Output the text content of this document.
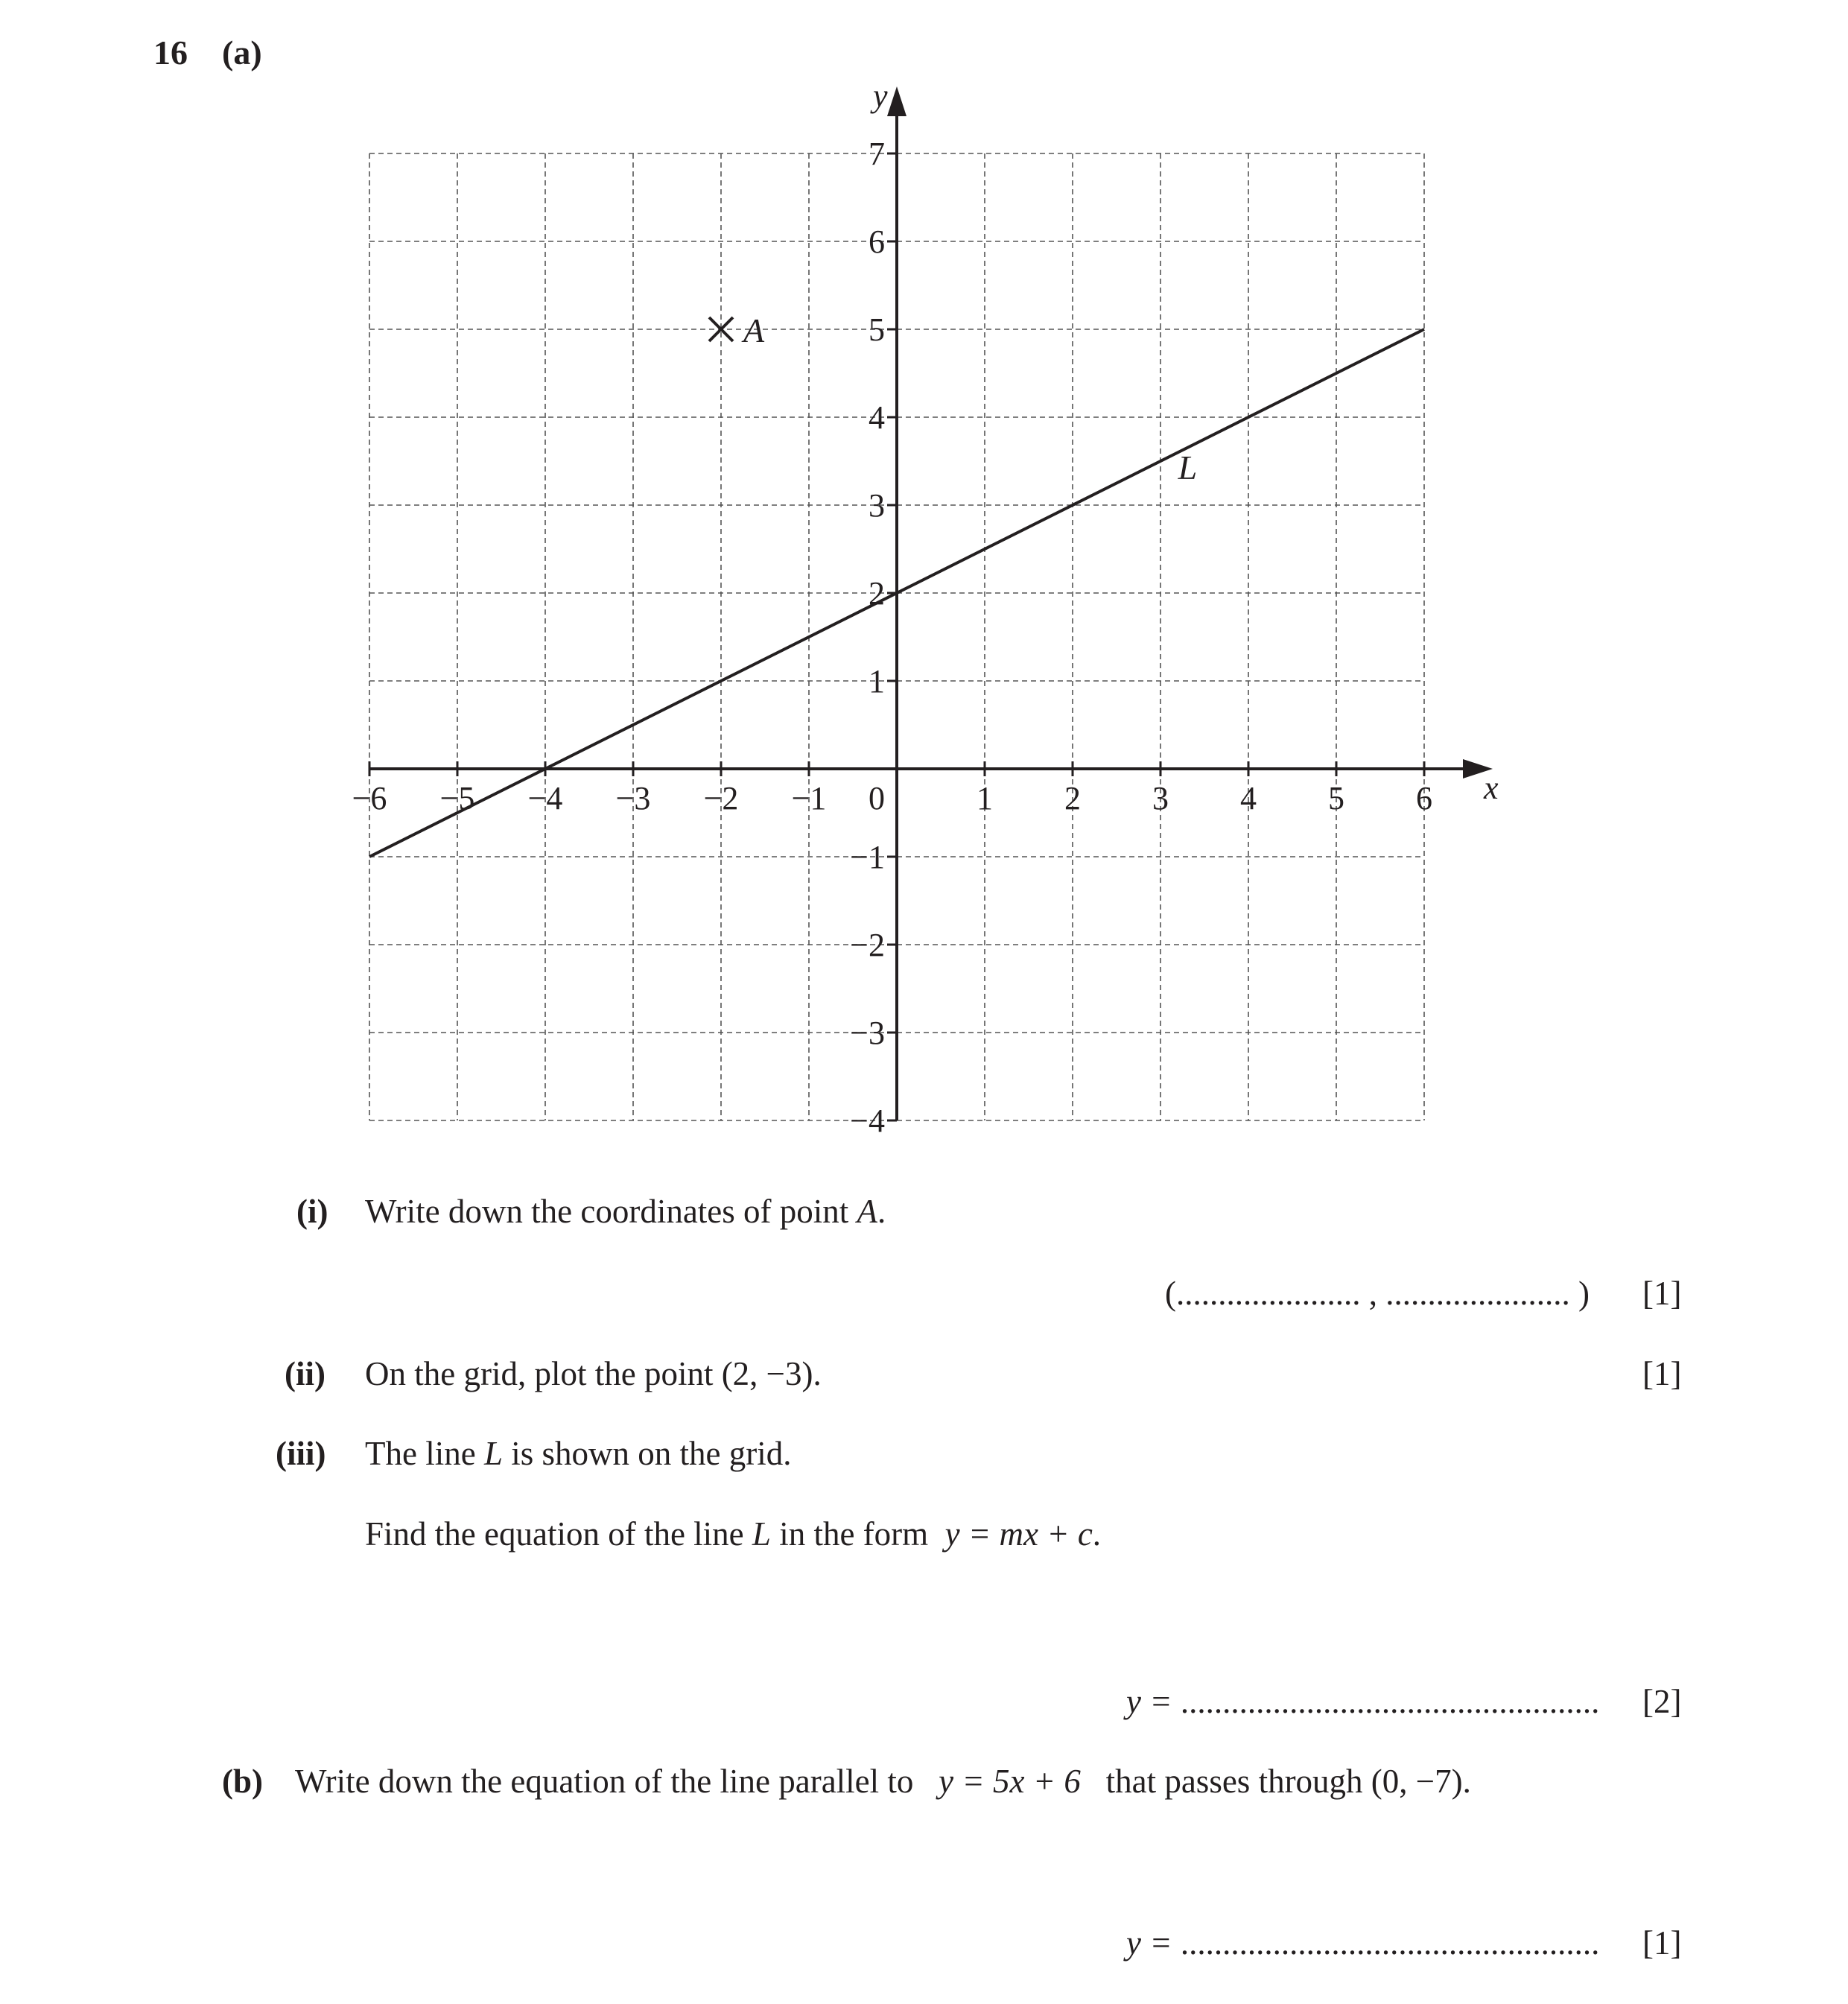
16 (a)
x
y
−6 −5 −4 −3 −2 −1 0	1 2 3 4 5 6
−4
−3
−2
−1
1
2
3
4
5
6
7
L
A
(i) Write down the coordinates of point A.
(...................... , ...................... ) [1]
(ii) On the grid, plot the point (2, −3).	[1]
(iii) The line L is shown on the grid.
Find the equation of the line L in the form  y = mx + c.
y = .................................................. [2]
(b) Write down the equation of the line parallel to   y = 5x + 6   that passes through (0, −7).
y = .................................................. [1]
